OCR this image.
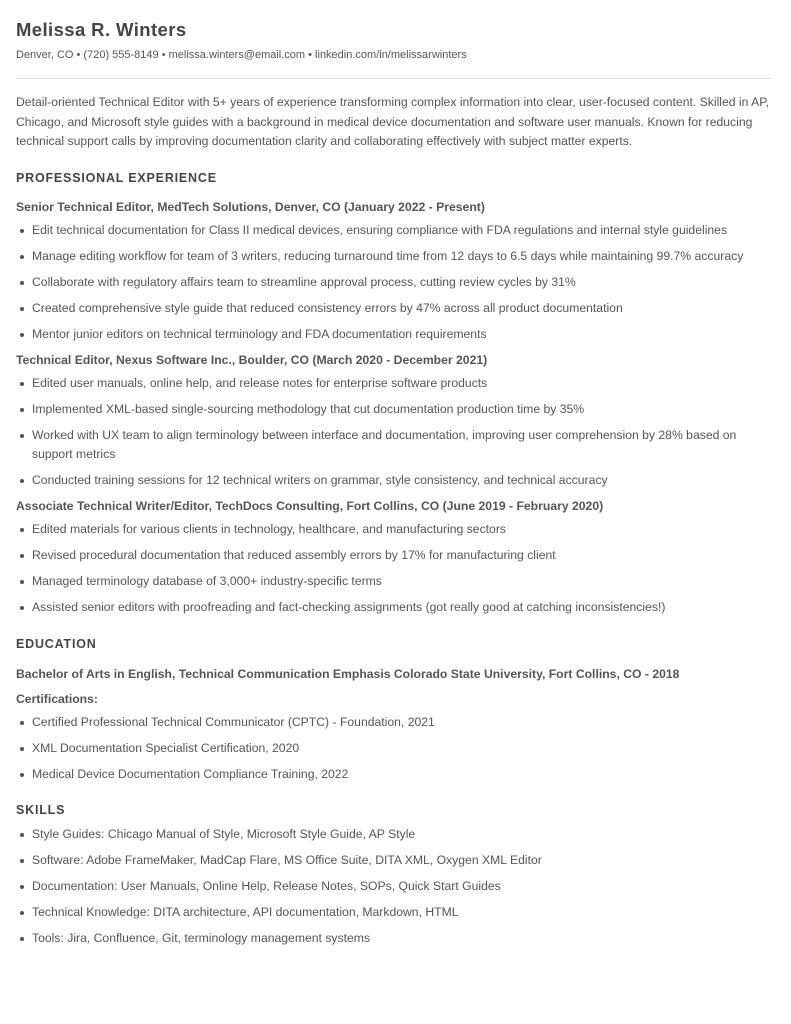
Melissa R. Winters
Denver, CO • (720) 555-8149 • melissa.winters@email.com • linkedin.com/in/melissarwinters

Detail-oriented Technical Editor with 5+ years of experience transforming complex information into clear, user-focused content. Skilled in AP, Chicago, and Microsoft style guides with a background in medical device documentation and software user manuals. Known for reducing technical support calls by improving documentation clarity and collaborating effectively with subject matter experts.

PROFESSIONAL EXPERIENCE
Senior Technical Editor, MedTech Solutions, Denver, CO (January 2022 - Present)
Edit technical documentation for Class II medical devices, ensuring compliance with FDA regulations and internal style guidelines
Manage editing workflow for team of 3 writers, reducing turnaround time from 12 days to 6.5 days while maintaining 99.7% accuracy
Collaborate with regulatory affairs team to streamline approval process, cutting review cycles by 31%
Created comprehensive style guide that reduced consistency errors by 47% across all product documentation
Mentor junior editors on technical terminology and FDA documentation requirements
Technical Editor, Nexus Software Inc., Boulder, CO (March 2020 - December 2021)
Edited user manuals, online help, and release notes for enterprise software products
Implemented XML-based single-sourcing methodology that cut documentation production time by 35%
Worked with UX team to align terminology between interface and documentation, improving user comprehension by 28% based on support metrics
Conducted training sessions for 12 technical writers on grammar, style consistency, and technical accuracy
Associate Technical Writer/Editor, TechDocs Consulting, Fort Collins, CO (June 2019 - February 2020)
Edited materials for various clients in technology, healthcare, and manufacturing sectors
Revised procedural documentation that reduced assembly errors by 17% for manufacturing client
Managed terminology database of 3,000+ industry-specific terms
Assisted senior editors with proofreading and fact-checking assignments (got really good at catching inconsistencies!)
EDUCATION
Bachelor of Arts in English, Technical Communication Emphasis Colorado State University, Fort Collins, CO - 2018
Certifications:
Certified Professional Technical Communicator (CPTC) - Foundation, 2021
XML Documentation Specialist Certification, 2020
Medical Device Documentation Compliance Training, 2022
SKILLS
Style Guides: Chicago Manual of Style, Microsoft Style Guide, AP Style
Software: Adobe FrameMaker, MadCap Flare, MS Office Suite, DITA XML, Oxygen XML Editor
Documentation: User Manuals, Online Help, Release Notes, SOPs, Quick Start Guides
Technical Knowledge: DITA architecture, API documentation, Markdown, HTML
Tools: Jira, Confluence, Git, terminology management systems
